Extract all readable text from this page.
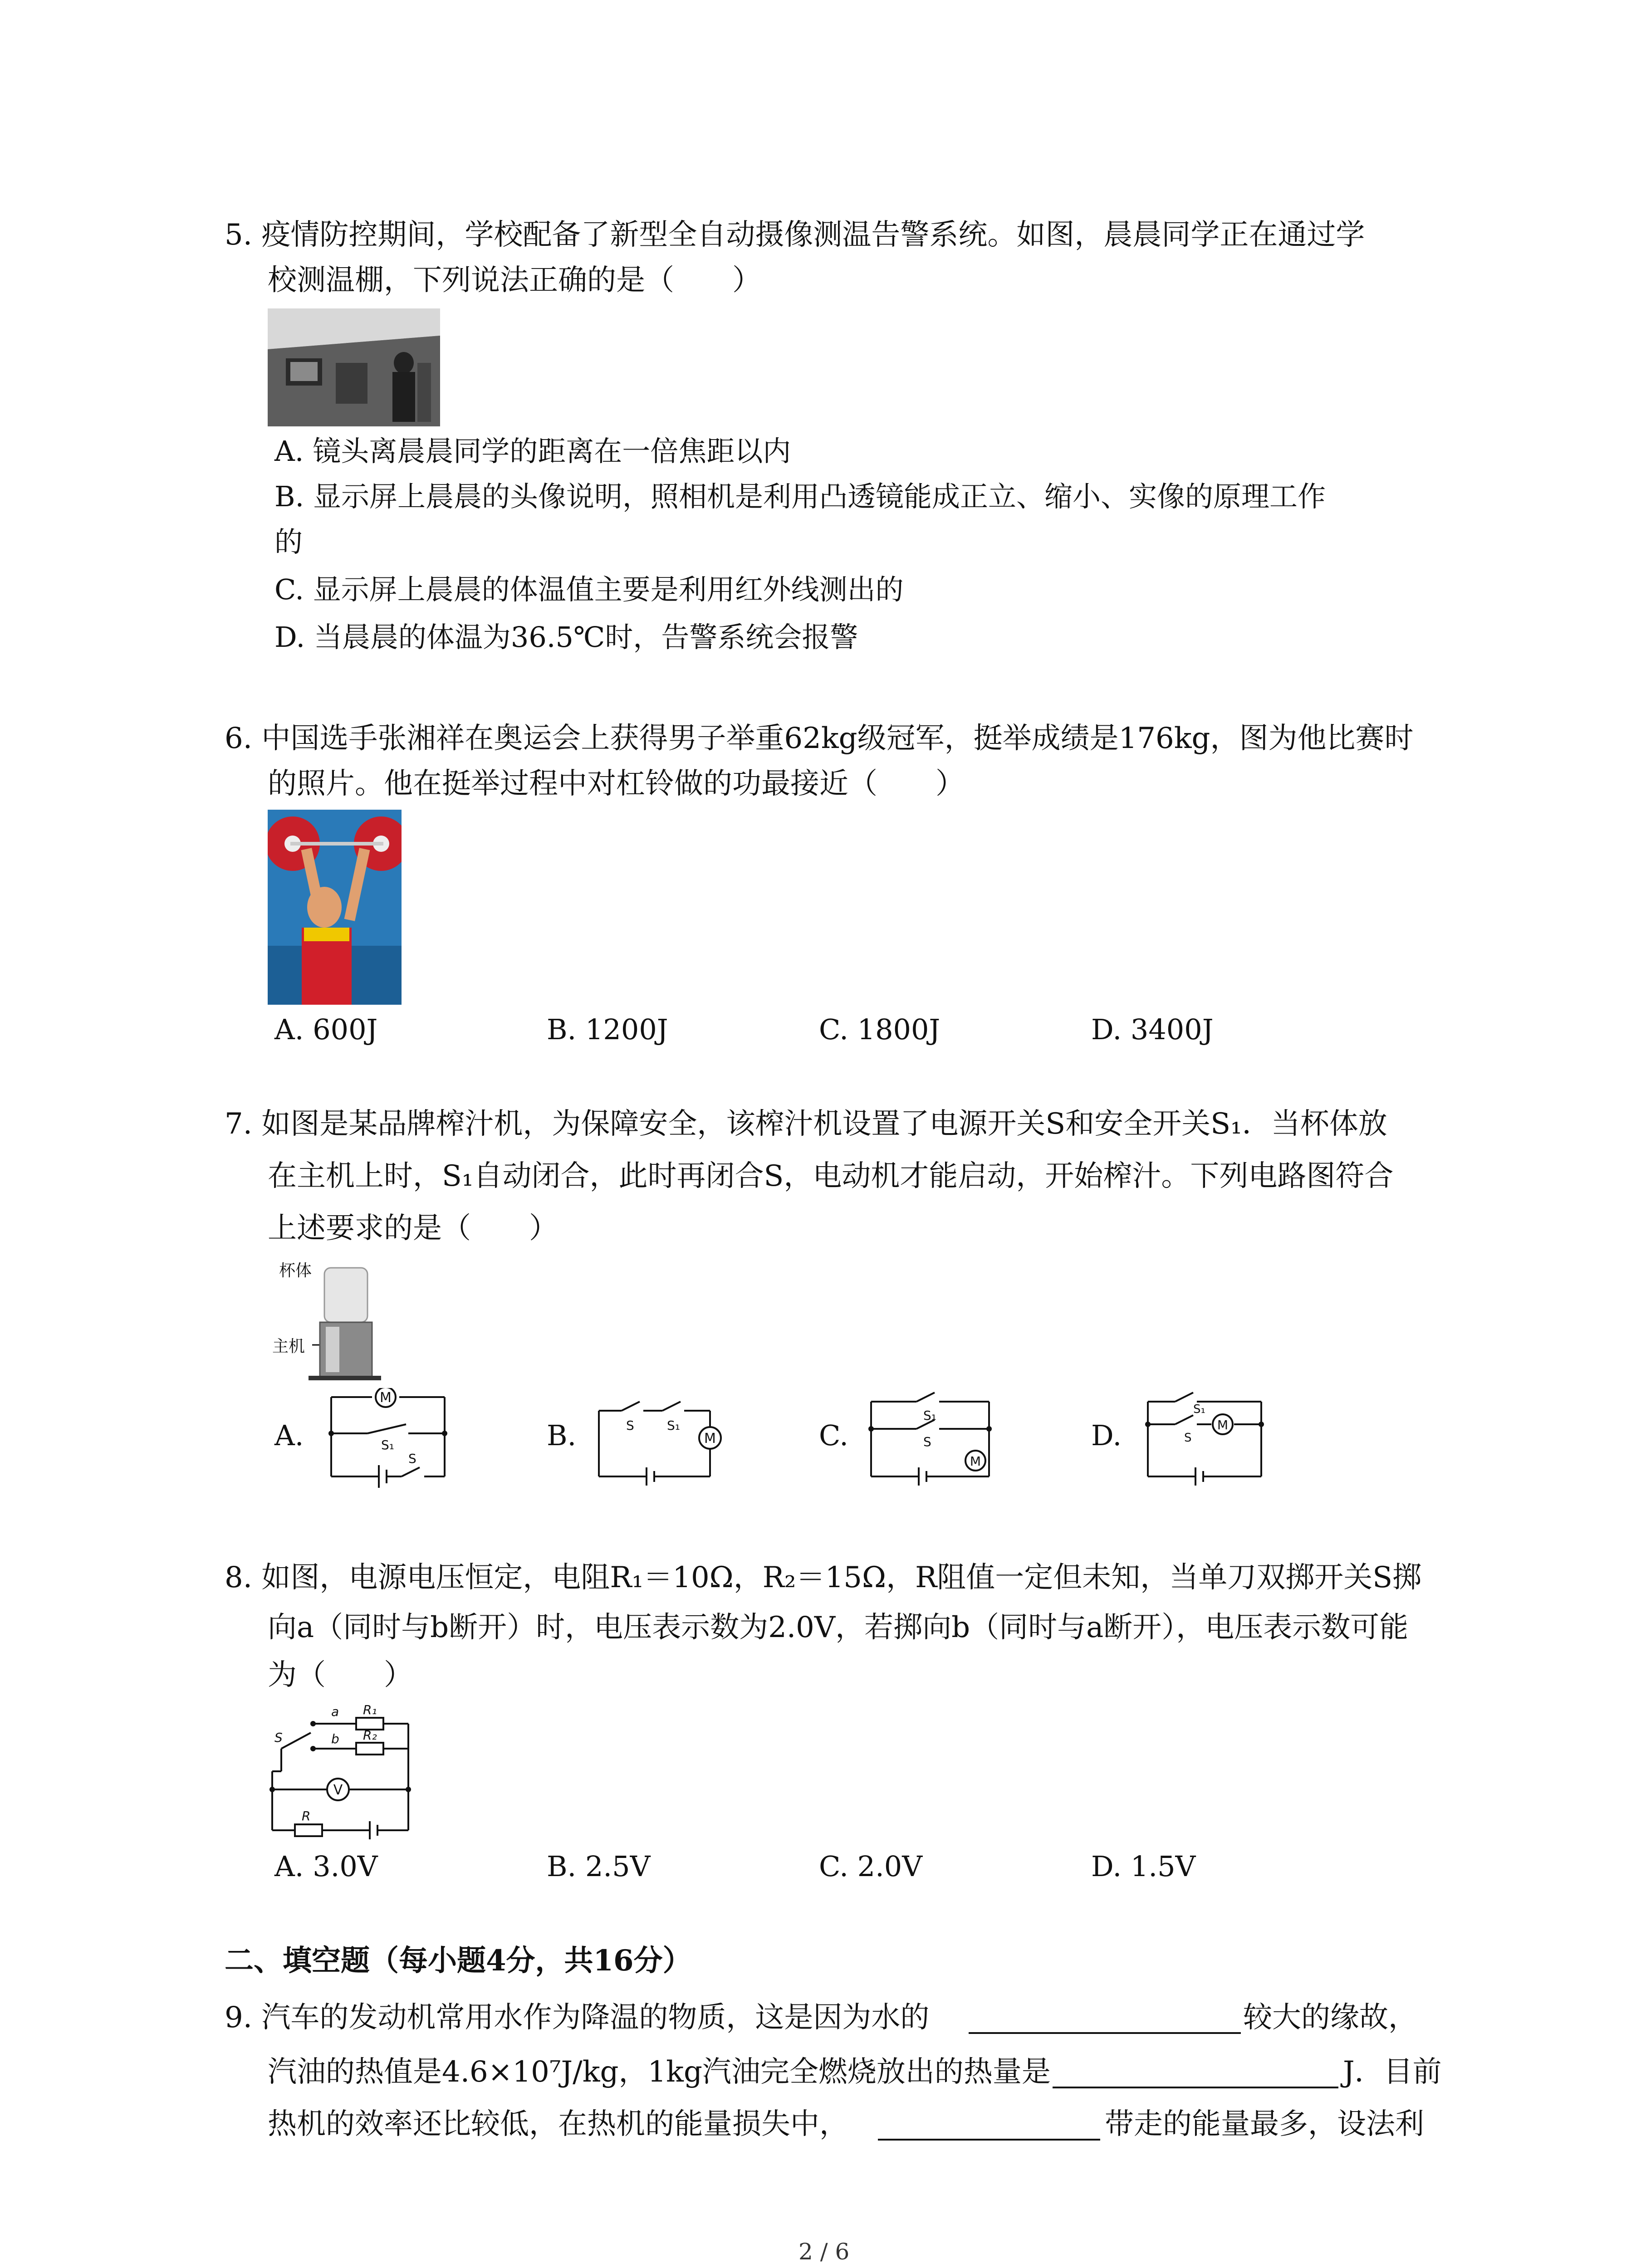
5. 疫情防控期间，学校配备了新型全自动摄像测温告警系统。如图，晨晨同学正在通过学
校测温棚，下列说法正确的是（　　）
A. 镜头离晨晨同学的距离在一倍焦距以内
B. 显示屏上晨晨的头像说明，照相机是利用凸透镜能成正立、缩小、实像的原理工作
的
C. 显示屏上晨晨的体温值主要是利用红外线测出的
D. 当晨晨的体温为36.5℃时，告警系统会报警
6. 中国选手张湘祥在奥运会上获得男子举重62kg级冠军，挺举成绩是176kg，图为他比赛时
的照片。他在挺举过程中对杠铃做的功最接近（　　）
A. 600J	B. 1200J	C. 1800J	D. 3400J
7. 如图是某品牌榨汁机，为保障安全，该榨汁机设置了电源开关S和安全开关S₁．当杯体放
在主机上时，S₁自动闭合，此时再闭合S，电动机才能启动，开始榨汁。下列电路图符合
上述要求的是（　　）
杯体
主机
A.
M
S₁
S
B.	M
S	S₁	C.
M
S₁
S	D.	M
S₁
S
8. 如图，电源电压恒定，电阻R₁＝10Ω，R₂＝15Ω，R阻值一定但未知，当单刀双掷开关S掷
向a（同时与b断开）时，电压表示数为2.0V，若掷向b（同时与a断开），电压表示数可能
为（　　）
V
a
b
R₁
R₂
S
R
A. 3.0V	B. 2.5V	C. 2.0V	D. 1.5V
二、填空题（每小题4分，共16分）
9. 汽车的发动机常用水作为降温的物质，这是因为水的	较大的缘故，
汽油的热值是4.6×10⁷J/kg，1kg汽油完全燃烧放出的热量是	J．目前
热机的效率还比较低，在热机的能量损失中，	带走的能量最多，设法利
2 / 6
